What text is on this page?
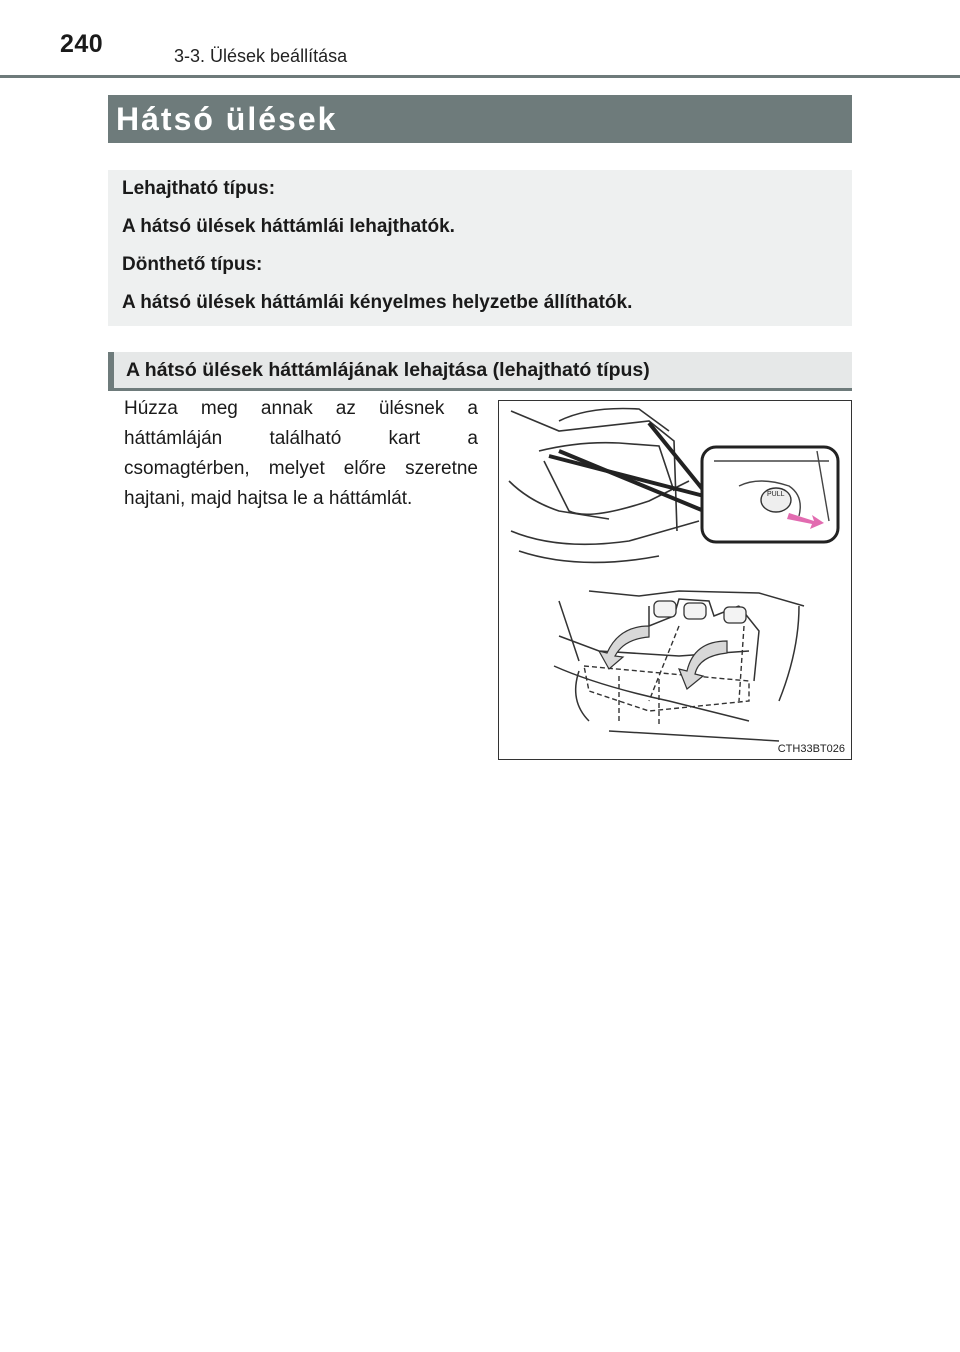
240	3-3. Ülések beállítása
Hátsó ülések
Lehajtható típus:
A hátsó ülések háttámlái lehajthatók.
Dönthető típus:
A hátsó ülések háttámlái kényelmes helyzetbe állíthatók.
A hátsó ülések háttámlájának lehajtása (lehajtható típus)
Húzza meg annak az ülésnek a háttámláján található kart a csomagtérben, melyet előre szeretne hajtani, majd hajtsa le a háttámlát.	PULL
CTH33BT026
